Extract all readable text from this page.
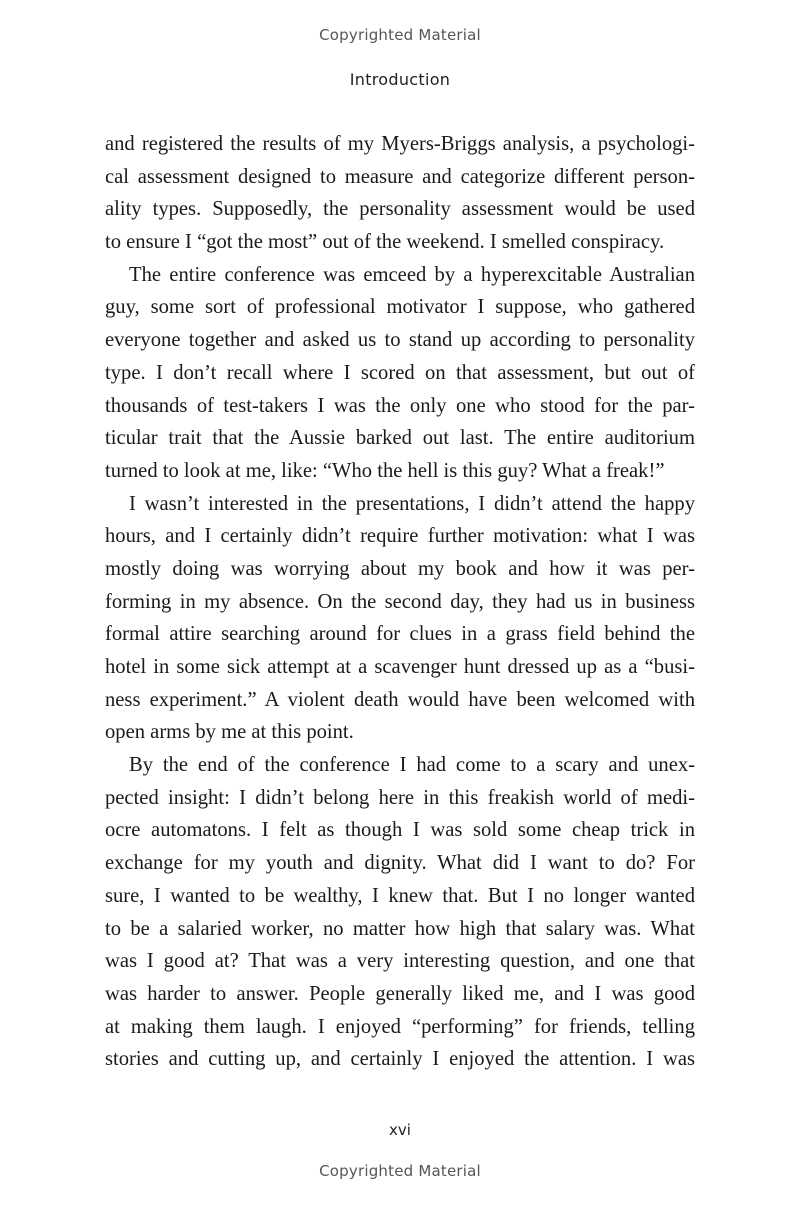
Copyrighted Material
Introduction
and registered the results of my Myers-Briggs analysis, a psychologi-
cal assessment designed to measure and categorize different person-
ality types. Supposedly, the personality assessment would be used
to ensure I “got the most” out of the weekend. I smelled conspiracy.
The entire conference was emceed by a hyperexcitable Australian
guy, some sort of professional motivator I suppose, who gathered
everyone together and asked us to stand up according to personality
type. I don’t recall where I scored on that assessment, but out of
thousands of test-takers I was the only one who stood for the par-
ticular trait that the Aussie barked out last. The entire auditorium
turned to look at me, like: “Who the hell is this guy? What a freak!”
I wasn’t interested in the presentations, I didn’t attend the happy
hours, and I certainly didn’t require further motivation: what I was
mostly doing was worrying about my book and how it was per-
forming in my absence. On the second day, they had us in business
formal attire searching around for clues in a grass field behind the
hotel in some sick attempt at a scavenger hunt dressed up as a “busi-
ness experiment.” A violent death would have been welcomed with
open arms by me at this point.
By the end of the conference I had come to a scary and unex-
pected insight: I didn’t belong here in this freakish world of medi-
ocre automatons. I felt as though I was sold some cheap trick in
exchange for my youth and dignity. What did I want to do? For
sure, I wanted to be wealthy, I knew that. But I no longer wanted
to be a salaried worker, no matter how high that salary was. What
was I good at? That was a very interesting question, and one that
was harder to answer. People generally liked me, and I was good
at making them laugh. I enjoyed “performing” for friends, telling
stories and cutting up, and certainly I enjoyed the attention. I was
xvi
Copyrighted Material
